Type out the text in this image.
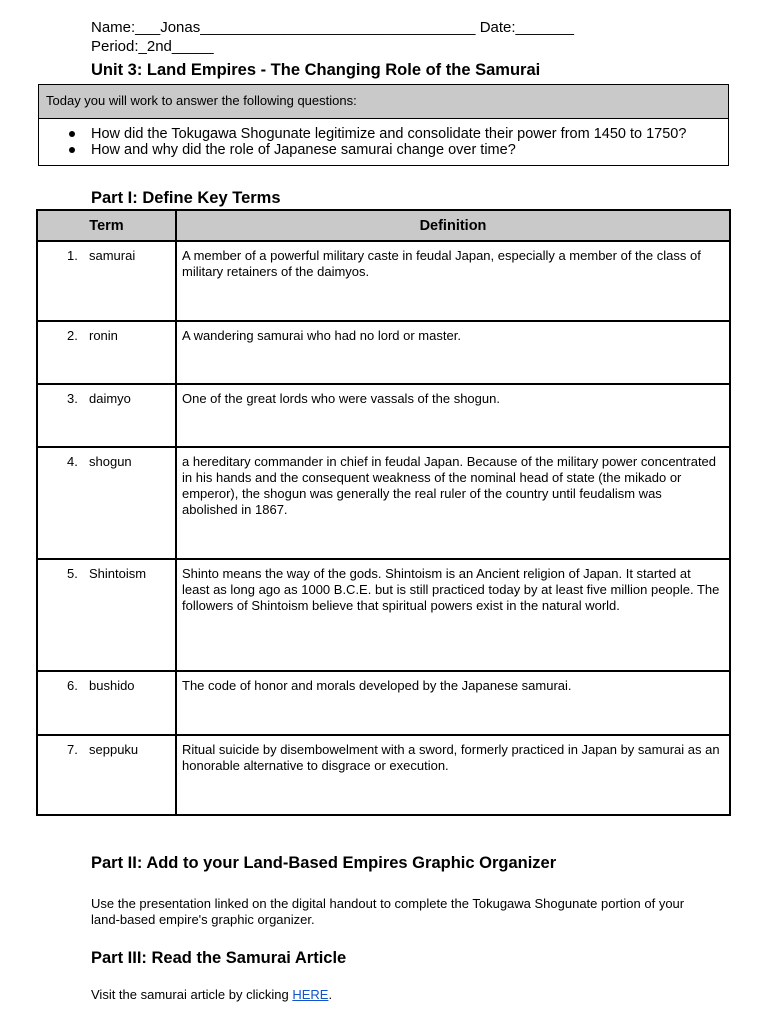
Name:___Jonas_________________________________ Date:_______
Period:_2nd_____
Unit 3: Land Empires - The Changing Role of the Samurai
Today you will work to answer the following questions:
How did the Tokugawa Shogunate legitimize and consolidate their power from 1450 to 1750?
How and why did the role of Japanese samurai change over time?
Part I: Define Key Terms
Term	Definition
1. samurai	A member of a powerful military caste in feudal Japan, especially a member of the class of military retainers of the daimyos.
2. ronin	A wandering samurai who had no lord or master.
3. daimyo	One of the great lords who were vassals of the shogun.
4. shogun	a hereditary commander in chief in feudal Japan. Because of the military power concentrated in his hands and the consequent weakness of the nominal head of state (the mikado or emperor), the shogun was generally the real ruler of the country until feudalism was abolished in 1867.
5. Shintoism	Shinto means the way of the gods. Shintoism is an Ancient religion of Japan. It started at least as long ago as 1000 B.C.E. but is still practiced today by at least five million people. The followers of Shintoism believe that spiritual powers exist in the natural world.
6. bushido	The code of honor and morals developed by the Japanese samurai.
7. seppuku	Ritual suicide by disembowelment with a sword, formerly practiced in Japan by samurai as an honorable alternative to disgrace or execution.
Part II: Add to your Land-Based Empires Graphic Organizer
Use the presentation linked on the digital handout to complete the Tokugawa Shogunate portion of your land-based empire's graphic organizer.
Part III: Read the Samurai Article
Visit the samurai article by clicking HERE.
